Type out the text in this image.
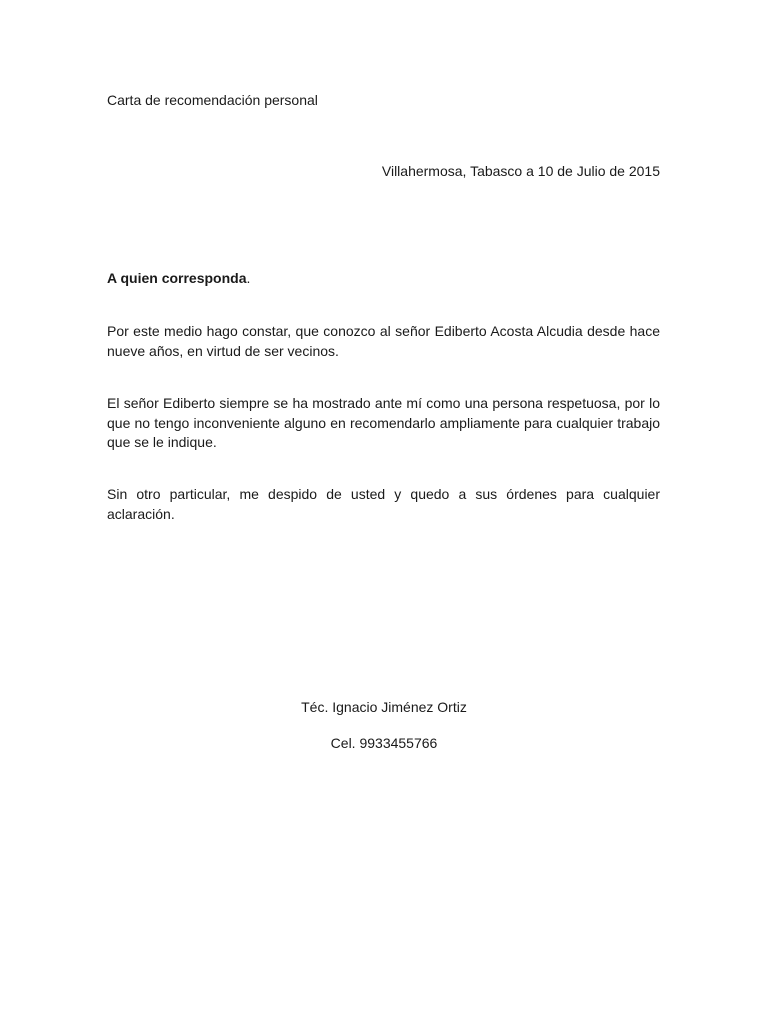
Carta de recomendación personal

Villahermosa, Tabasco a 10 de Julio de 2015

A quien corresponda.

Por este medio hago constar, que conozco al señor Ediberto Acosta Alcudia desde hace nueve años, en virtud de ser vecinos.

El señor Ediberto siempre se ha mostrado ante mí como una persona respetuosa, por lo que no tengo inconveniente alguno en recomendarlo ampliamente para cualquier trabajo que se le indique.

Sin otro particular, me despido de usted y quedo a sus órdenes para cualquier aclaración.

Téc. Ignacio Jiménez Ortiz

Cel. 9933455766
